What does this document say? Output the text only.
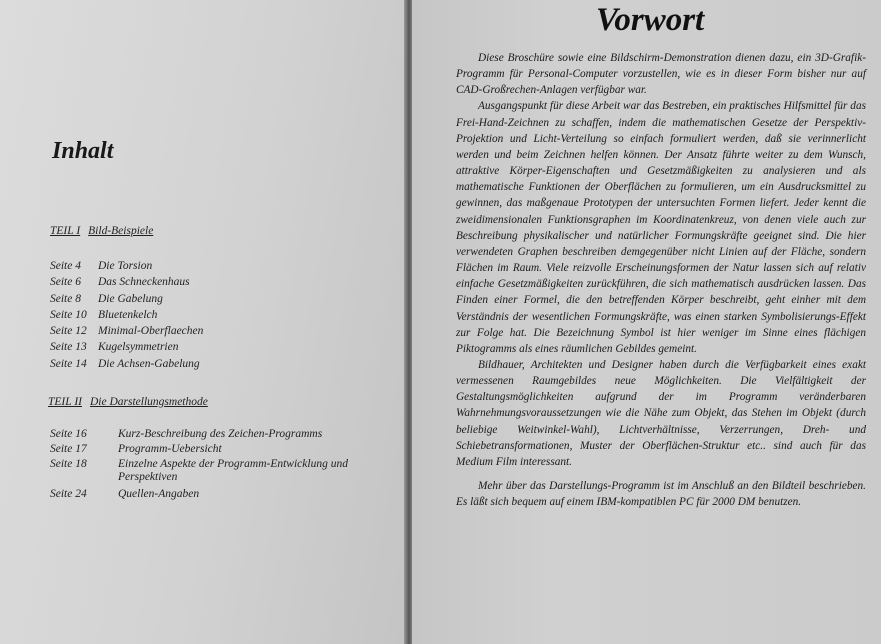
Inhalt
TEIL I Bild-Beispiele
Seite 4	Die Torsion
Seite 6	Das Schneckenhaus
Seite 8	Die Gabelung
Seite 10 Bluetenkelch
Seite 12 Minimal-Oberflaechen
Seite 13 Kugelsymmetrien
Seite 14 Die Achsen-Gabelung
TEIL II Die Darstellungsmethode
Seite 16	Kurz-Beschreibung des Zeichen-Programms
Seite 17	Programm-Uebersicht
Seite 18	Einzelne Aspekte der Programm-Entwicklung und Perspektiven
Seite 24	Quellen-Angaben
Vorwort

Diese Broschüre sowie eine Bildschirm-Demonstration dienen dazu, ein 3D-Grafik-Programm für Personal-Computer vorzustellen, wie es in dieser Form bisher nur auf CAD-Großrechen-Anlagen verfügbar war.

Ausgangspunkt für diese Arbeit war das Bestreben, ein praktisches Hilfsmittel für das Frei-Hand-Zeichnen zu schaffen, indem die mathematischen Gesetze der Perspektiv-Projektion und Licht-Verteilung so einfach formuliert werden, daß sie verinnerlicht werden und beim Zeichnen helfen können. Der Ansatz führte weiter zu dem Wunsch, attraktive Körper-Eigenschaften und Gesetzmäßigkeiten zu analysieren und als mathematische Funktionen der Oberflächen zu formulieren, um ein Ausdrucksmittel zu gewinnen, das maßgenaue Prototypen der untersuchten Formen liefert. Jeder kennt die zweidimensionalen Funktionsgraphen im Koordinatenkreuz, von denen viele auch zur Beschreibung physikalischer und natürlicher Formungskräfte geeignet sind. Die hier verwendeten Graphen beschreiben demgegenüber nicht Linien auf der Fläche, sondern Flächen im Raum. Viele reizvolle Erscheinungsformen der Natur lassen sich auf relativ einfache Gesetzmäßigkeiten zurückführen, die sich mathematisch ausdrücken lassen. Das Finden einer Formel, die den betreffenden Körper beschreibt, geht einher mit dem Verständnis der wesentlichen Formungskräfte, was einen starken Symbolisierungs-Effekt zur Folge hat. Die Bezeichnung Symbol ist hier weniger im Sinne eines flächigen Piktogramms als eines räumlichen Gebildes gemeint.

Bildhauer, Architekten und Designer haben durch die Verfügbarkeit eines exakt vermessenen Raumgebildes neue Möglichkeiten. Die Vielfältigkeit der Gestaltungsmöglichkeiten aufgrund der im Programm veränderbaren Wahrnehmungsvoraussetzungen wie die Nähe zum Objekt, das Stehen im Objekt (durch beliebige Weitwinkel-Wahl), Lichtverhältnisse, Verzerrungen, Dreh- und Schiebetransformationen, Muster der Oberflächen-Struktur etc.. sind auch für das Medium Film interessant.

Mehr über das Darstellungs-Programm ist im Anschluß an den Bildteil beschrieben. Es läßt sich bequem auf einem IBM-kompatiblen PC für 2000 DM benutzen.
